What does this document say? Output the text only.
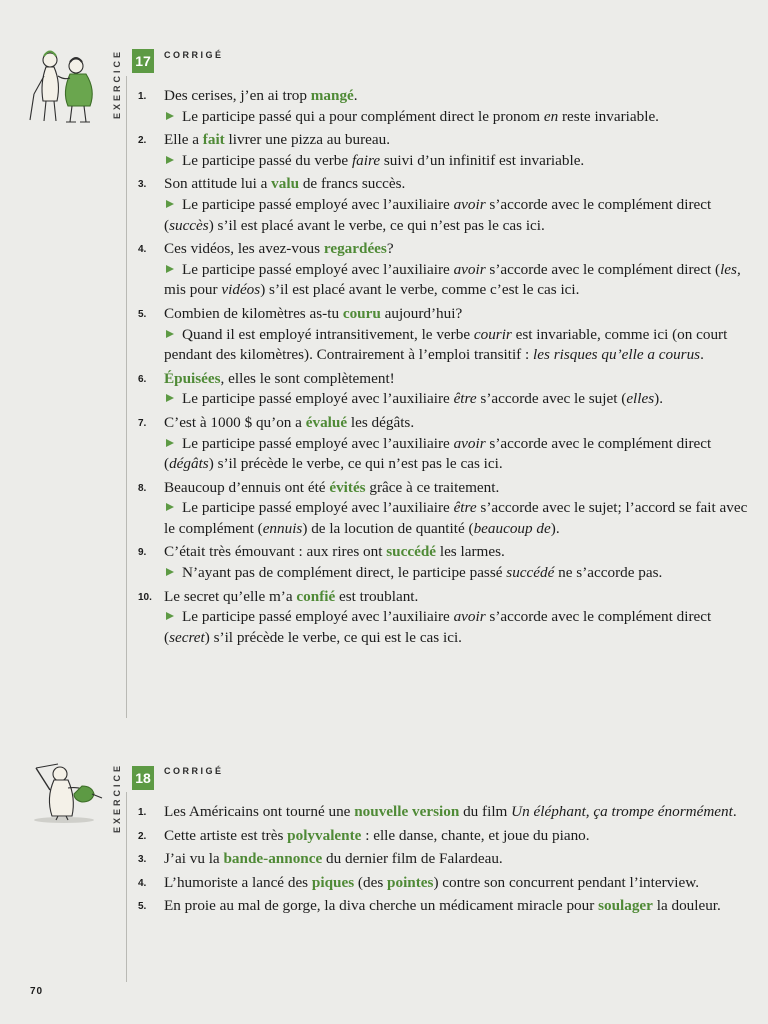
EXERCICE 17	CORRIGÉ
1. Des cerises, j’en ai trop mangé.
Le participe passé qui a pour complément direct le pronom en reste invariable.
2. Elle a fait livrer une pizza au bureau.
Le participe passé du verbe faire suivi d’un infinitif est invariable.
3. Son attitude lui a valu de francs succès.
Le participe passé employé avec l’auxiliaire avoir s’accorde avec le complément direct (succès) s’il est placé avant le verbe, ce qui n’est pas le cas ici.
4. Ces vidéos, les avez-vous regardées?
Le participe passé employé avec l’auxiliaire avoir s’accorde avec le complément direct (les, mis pour vidéos) s’il est placé avant le verbe, comme c’est le cas ici.
5. Combien de kilomètres as-tu couru aujourd’hui?
Quand il est employé intransitivement, le verbe courir est invariable, comme ici (on court pendant des kilomètres). Contrairement à l’emploi transitif : les risques qu’elle a courus.
6. Épuisées, elles le sont complètement!
Le participe passé employé avec l’auxiliaire être s’accorde avec le sujet (elles).
7. C’est à 1000 $ qu’on a évalué les dégâts.
Le participe passé employé avec l’auxiliaire avoir s’accorde avec le complément direct (dégâts) s’il précède le verbe, ce qui n’est pas le cas ici.
8. Beaucoup d’ennuis ont été évités grâce à ce traitement.
Le participe passé employé avec l’auxiliaire être s’accorde avec le sujet; l’accord se fait avec le complément (ennuis) de la locution de quantité (beaucoup de).
9. C’était très émouvant : aux rires ont succédé les larmes.
N’ayant pas de complément direct, le participe passé succédé ne s’accorde pas.
10. Le secret qu’elle m’a confié est troublant.
Le participe passé employé avec l’auxiliaire avoir s’accorde avec le complément direct (secret) s’il précède le verbe, ce qui est le cas ici.
EXERCICE 18	CORRIGÉ
1. Les Américains ont tourné une nouvelle version du film Un éléphant, ça trompe énormément.
2. Cette artiste est très polyvalente : elle danse, chante, et joue du piano.
3. J’ai vu la bande-annonce du dernier film de Falardeau.
4. L’humoriste a lancé des piques (des pointes) contre son concurrent pendant l’interview.
5. En proie au mal de gorge, la diva cherche un médicament miracle pour soulager la douleur.
70
